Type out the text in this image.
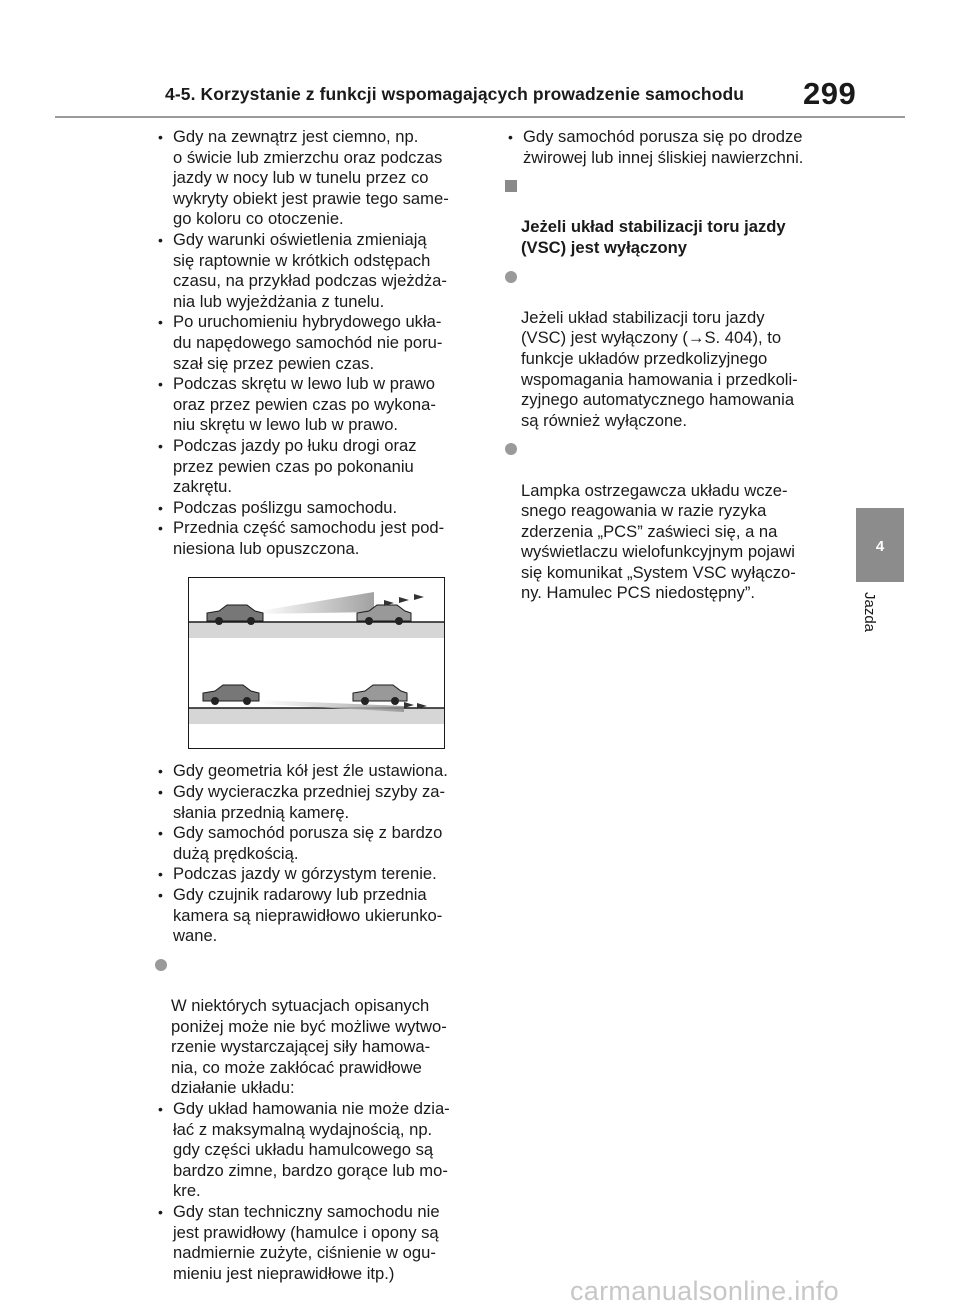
4-5. Korzystanie z funkcji wspomagających prowadzenie samochodu 299
• Gdy na zewnątrz jest ciemno, np.
o świcie lub zmierzchu oraz podczas
jazdy w nocy lub w tunelu przez co
wykryty obiekt jest prawie tego same-
go koloru co otoczenie.
• Gdy warunki oświetlenia zmieniają
się raptownie w krótkich odstępach
czasu, na przykład podczas wjeżdża-
nia lub wyjeżdżania z tunelu.
• Po uruchomieniu hybrydowego ukła-
du napędowego samochód nie poru-
szał się przez pewien czas.
• Podczas skrętu w lewo lub w prawo
oraz przez pewien czas po wykona-
niu skrętu w lewo lub w prawo.
• Podczas jazdy po łuku drogi oraz
przez pewien czas po pokonaniu
zakrętu.
• Podczas poślizgu samochodu.
• Przednia część samochodu jest pod-
niesiona lub opuszczona.
• Gdy geometria kół jest źle ustawiona.
• Gdy wycieraczka przedniej szyby za-
słania przednią kamerę.
• Gdy samochód porusza się z bardzo
dużą prędkością.
• Podczas jazdy w górzystym terenie.
• Gdy czujnik radarowy lub przednia
kamera są nieprawidłowo ukierunko-
wane.

W niektórych sytuacjach opisanych
poniżej może nie być możliwe wytwo-
rzenie wystarczającej siły hamowa-
nia, co może zakłócać prawidłowe
działanie układu:

• Gdy układ hamowania nie może dzia-
łać z maksymalną wydajnością, np.
gdy części układu hamulcowego są
bardzo zimne, bardzo gorące lub mo-
kre.
• Gdy stan techniczny samochodu nie
jest prawidłowy (hamulce i opony są
nadmiernie zużyte, ciśnienie w ogu-
mieniu jest nieprawidłowe itp.)
• Gdy samochód porusza się po drodze
żwirowej lub innej śliskiej nawierzchni.

Jeżeli układ stabilizacji toru jazdy
(VSC) jest wyłączony

Jeżeli układ stabilizacji toru jazdy
(VSC) jest wyłączony (→S. 404), to
funkcje układów przedkolizyjnego
wspomagania hamowania i przedkoli-
zyjnego automatycznego hamowania
są również wyłączone.

Lampka ostrzegawcza układu wcze-
snego reagowania w razie ryzyka
zderzenia „PCS” zaświeci się, a na
wyświetlaczu wielofunkcyjnym pojawi
się komunikat „System VSC wyłączo-
ny. Hamulec PCS niedostępny”.

4
Jazda
carmanualsonline.info
